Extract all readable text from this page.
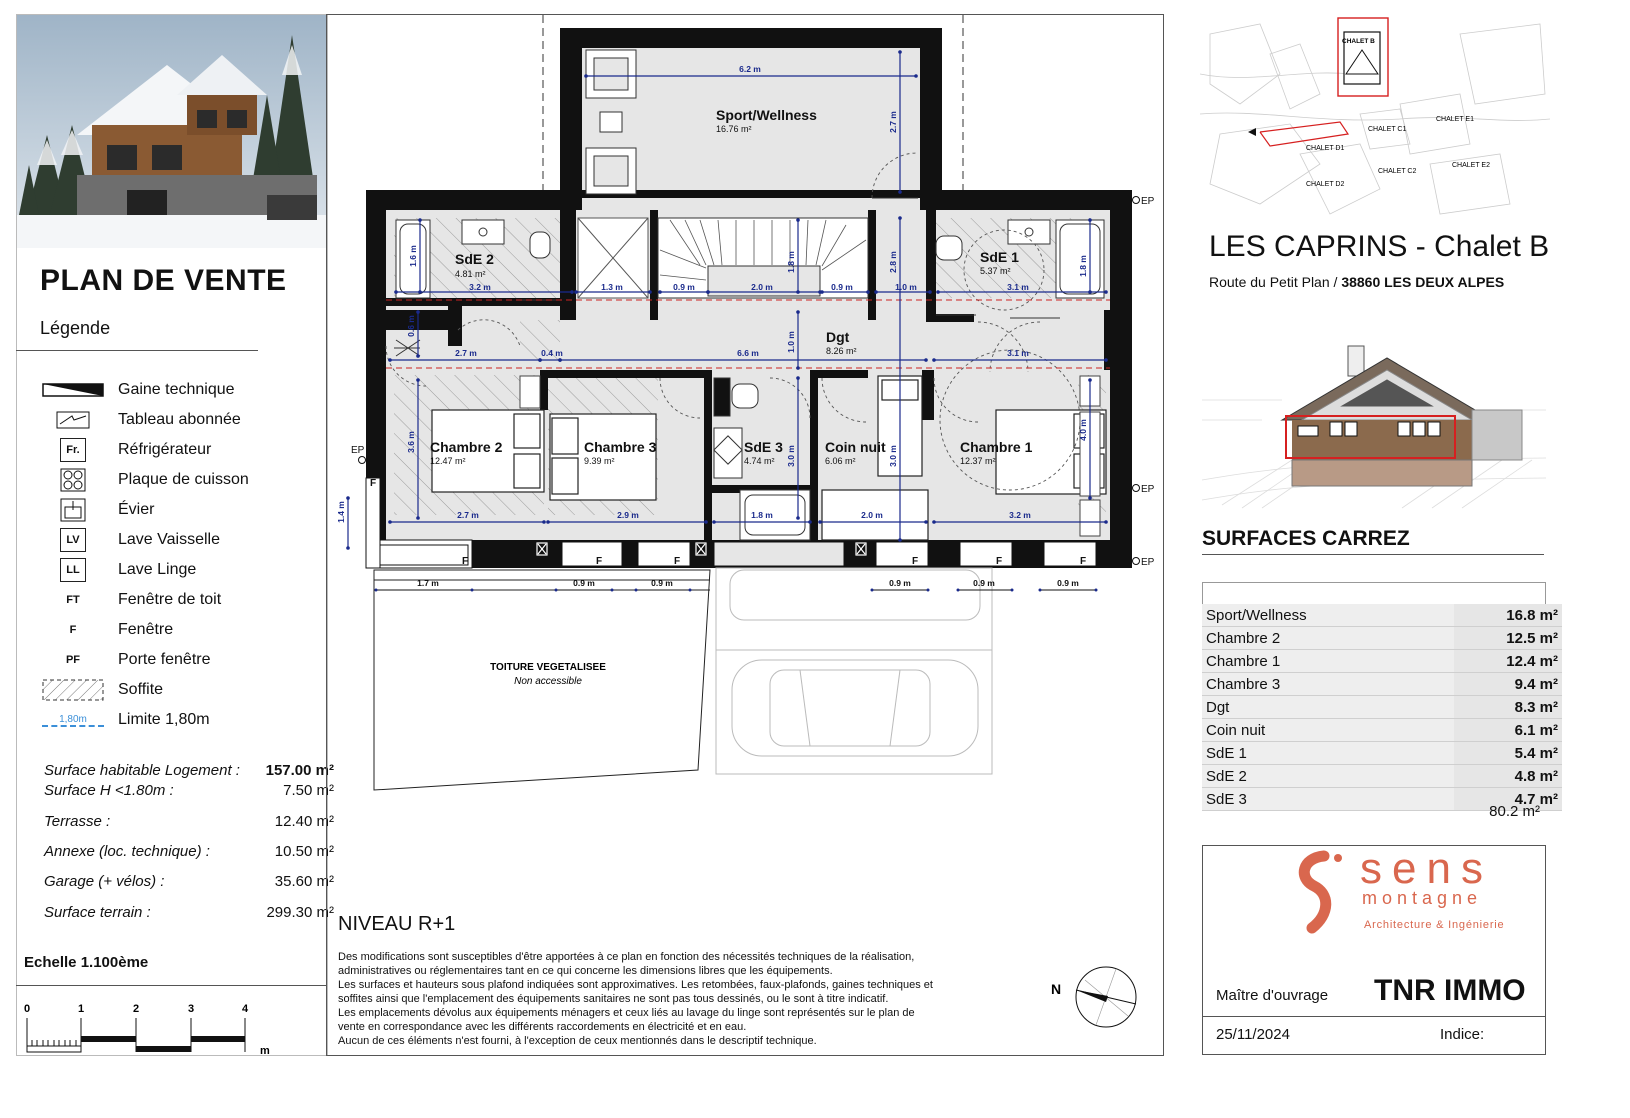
PLAN DE VENTE
Légende
Gaine technique
Tableau abonnée
Fr.	Réfrigérateur
Plaque de cuisson
Évier
LV	Lave Vaisselle
LL	Lave Linge
FT	Fenêtre de toit
F	Fenêtre
PF	Porte fenêtre
Soffite
1,80m Limite 1,80m
Surface habitable Logement : 157.00 m²
Surface H <1.80m :	7.50 m²
Terrasse :	12.40 m²
Annexe (loc. technique) :	10.50 m²
Garage (+ vélos) :	35.60 m²
Surface terrain :	299.30 m²
Echelle 1.100ème
0	1	2	3	4
m
6.2 m
2.7 m
1.6 m
3.2 m	1.3 m	0.9 m	2.0 m
1.8 m
0.9 m
2.8 m
1.0 m	3.1 m
1.8 m
0.6 m
2.7 m	0.4 m	6.6 m
1.0 m
3.1 m
3.6 m
4.0 m
3.0 m	3.0 m
1.4 m	2.7 m	2.9 m	1.8 m	2.0 m	3.2 m
1.7 m	0.9 m	0.9 m	0.9 m	0.9 m	0.9 m
F
F	F	F	F	F	F
EP
EP
EP
EP
Sport/Wellness
16.76 m²
SdE 2
4.81 m²
SdE 1
5.37 m²
Dgt
8.26 m²
Chambre 2
12.47 m²
Chambre 3
9.39 m²
SdE 3
4.74 m²
Coin nuit
6.06 m²
Chambre 1
12.37 m²
TOITURE VEGETALISEE
Non accessible
N
NIVEAU R+1
Des modifications sont susceptibles d'être apportées à ce plan en fonction des nécessités techniques de la réalisation,
administratives ou réglementaires tant en ce qui concerne les dimensions libres que les équipements.
Les surfaces et hauteurs sous plafond indiquées sont approximatives. Les retombées, faux-plafonds, gaines techniques et
soffites ainsi que l'emplacement des équipements sanitaires ne sont pas tous dessinés, ou le sont à titre indicatif.
Les emplacements dévolus aux équipements ménagers et ceux liés au lavage du linge sont représentés sur le plan de
vente en correspondance avec les différents raccordements en électricité et en eau.
Aucun de ces éléments n'est fourni, à l'exception de ceux mentionnés dans le descriptif technique.
CHALET B
CHALET C1
CHALET E1
CHALET D1
CHALET C2
CHALET E2
CHALET D2
LES CAPRINS - Chalet B
Route du Petit Plan / 38860 LES DEUX ALPES
SURFACES CARREZ
Sport/Wellness	16.8 m²
Chambre 2	12.5 m²
Chambre 1	12.4 m²
Chambre 3	9.4 m²
Dgt	8.3 m²
Coin nuit	6.1 m²
SdE 1	5.4 m²
SdE 2	4.8 m²
SdE 3	4.7 m²
80.2 m²
sens
montagne
Architecture & Ingénierie
Maître d'ouvrage TNR IMMO
25/11/2024	Indice:
